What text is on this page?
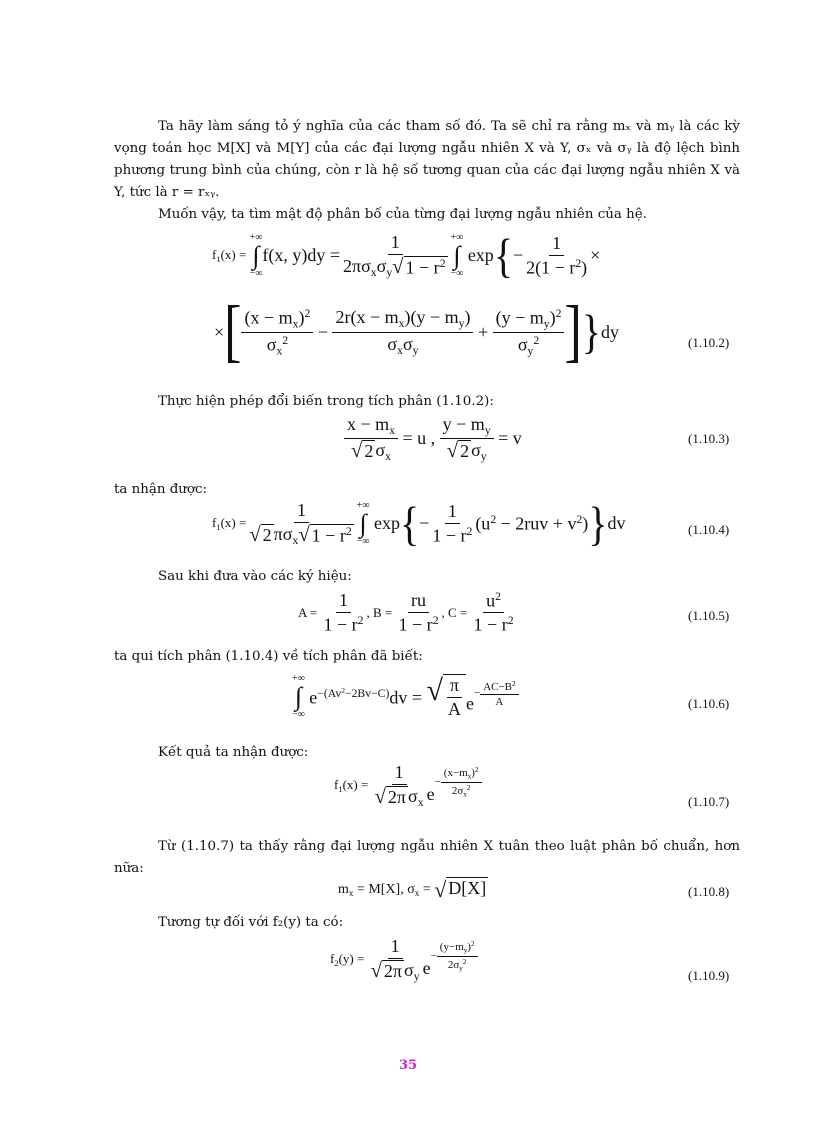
Ta hãy làm sáng tỏ ý nghĩa của các tham số đó. Ta sẽ chỉ ra rằng mₓ và mᵧ là các kỳ vọng toán học M[X] và M[Y] của các đại lượng ngẫu nhiên X và Y, σₓ và σᵧ là độ lệch bình phương trung bình của chúng, còn r là hệ số tương quan của các đại lượng ngẫu nhiên X và Y, tức là r = rₓᵧ.

Muốn vậy, ta tìm mật độ phân bố của từng đại lượng ngẫu nhiên của hệ.

$f_1(x)$ =
+∞
∫
−∞
f(x, $y)dy = \frac{1}{2\pi\sigma_x\sigma_y √ 1 - r^2}$ +∞
∫
−∞
exp { − $\frac{1}{2(1 - r^2)}$ ×
× [ $\frac{(x - m_x)^2}{\sigma_x^2} - \frac{2r(x - m_x)(y - m_y)}{\sigma_x\sigma_y} + \frac{(y - m_y)^2}{\sigma_y^2}$ ] } dy
(1.10.2)

Thực hiện phép đổi biến trong tích phân (1.10.2):

$\frac{x - m_x}{√ 2 \sigma_x} = u$ , $\frac{y - m_y}{√ 2 \sigma_y} = v$	(1.10.3)

ta nhận được:

$f_1(x) = \frac{1}{√ 2 \pi\sigma_x √ 1 - r^2}$ +∞
∫
−∞
exp { − $\frac{1}{1 - r^2} (u^2 - 2ruv + v^2)$ } dv	(1.10.4)

Sau khi đưa vào các ký hiệu:

$A = \frac{1}{1 - r^2}$ , $B = \frac{ru}{1 - r^2}$ , $C = \frac{u^2}{1 - r^2}$	(1.10.5)

ta qui tích phân (1.10.4) về tích phân đã biết:

+∞
∫
−∞
$e^{-(Av^2-2Bv-C)}dv$ = √ $\frac{\pi}{A} e^{- \frac{AC-B^2}{A}}$	(1.10.6)

Kết quả ta nhận được:

$f_1(x) = \frac{1}{√ 2\pi \sigma_x} e^{- \frac{(x-m_x)^2}{2\sigma_x^2}}$
(1.10.7)

Từ (1.10.7) ta thấy rằng đại lượng ngẫu nhiên X tuân theo luật phân bố chuẩn, hơn nữa:

$m_x = M[X]$, $\sigma_x$ = √ D[X]	(1.10.8)

Tương tự đối với f₂(y) ta có:

$f_2(y) = \frac{1}{√ 2\pi \sigma_y} e^{- \frac{(y-m_y)^2}{2\sigma_y^2}}$
(1.10.9)
35
